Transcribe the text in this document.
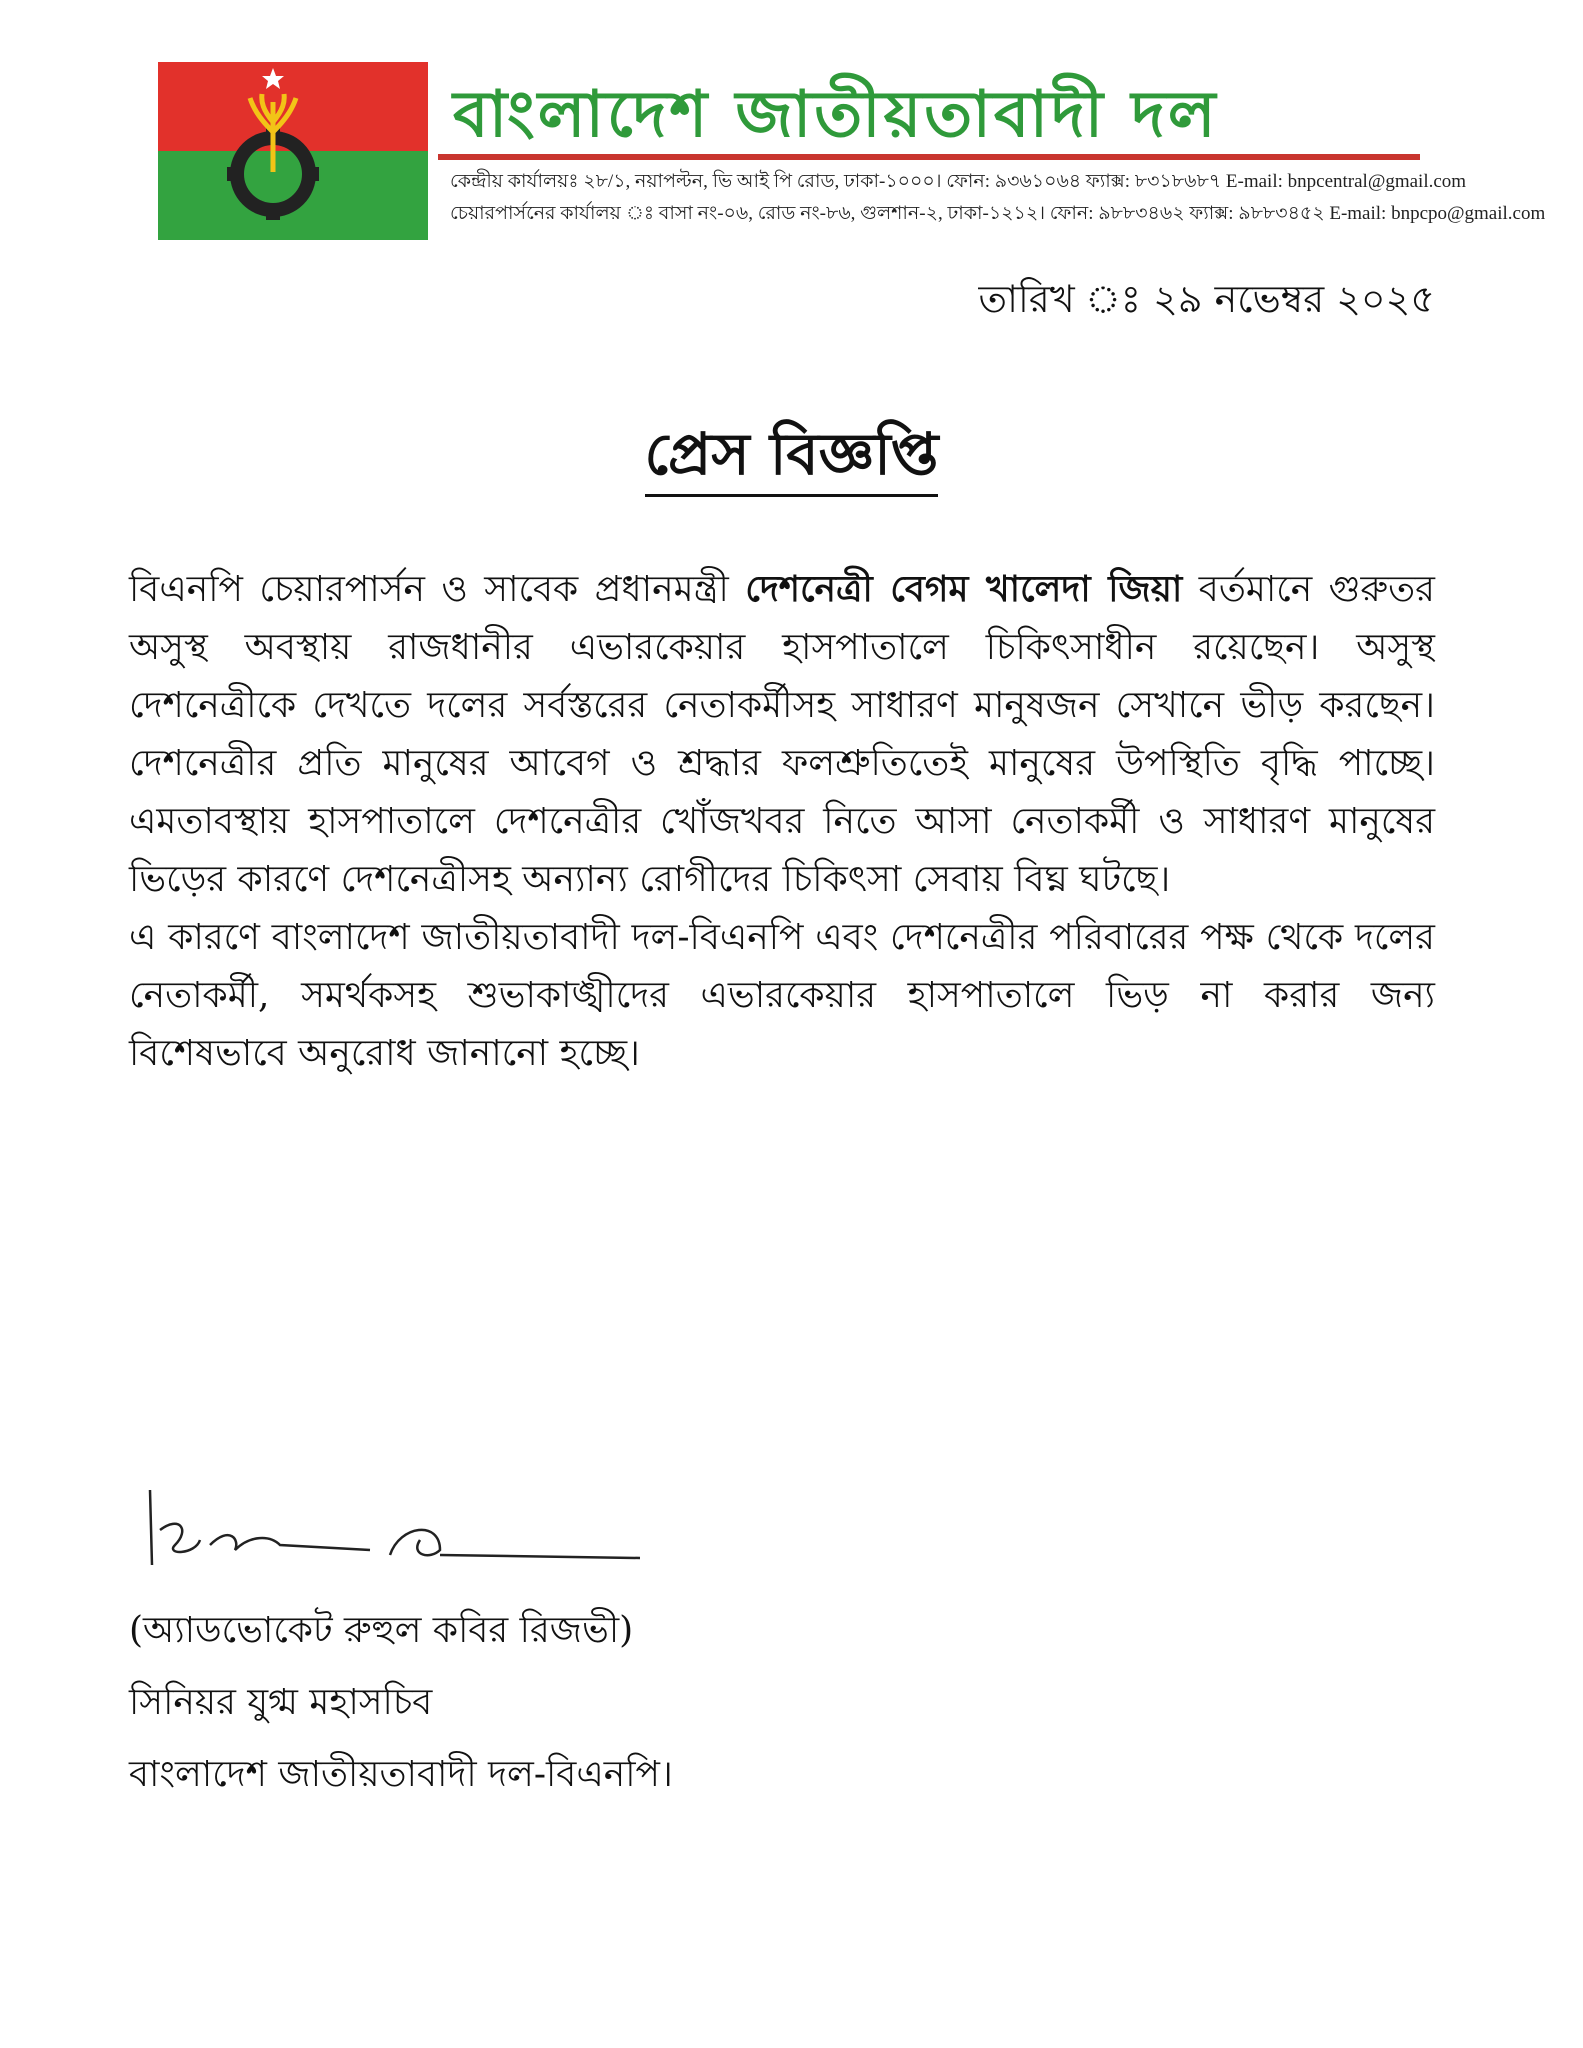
বাংলাদেশ জাতীয়তাবাদী দল
কেন্দ্রীয় কার্যালয়ঃ ২৮/১, নয়াপল্টন, ভি আই পি রোড, ঢাকা-১০০০। ফোন: ৯৩৬১০৬৪ ফ্যাক্স: ৮৩১৮৬৮৭ E-mail: bnpcentral@gmail.com
চেয়ারপার্সনের কার্যালয় ঃ বাসা নং-০৬, রোড নং-৮৬, গুলশান-২, ঢাকা-১২১২। ফোন: ৯৮৮৩৪৬২ ফ্যাক্স: ৯৮৮৩৪৫২ E-mail: bnpcpo@gmail.com
তারিখ ঃ ২৯ নভেম্বর ২০২৫
প্রেস বিজ্ঞপ্তি

বিএনপি চেয়ারপার্সন ও সাবেক প্রধানমন্ত্রী দেশনেত্রী বেগম খালেদা জিয়া বর্তমানে গুরুতর অসুস্থ অবস্থায় রাজধানীর এভারকেয়ার হাসপাতালে চিকিৎসাধীন রয়েছেন। অসুস্থ দেশনেত্রীকে দেখতে দলের সর্বস্তরের নেতাকর্মীসহ সাধারণ মানুষজন সেখানে ভীড় করছেন। দেশনেত্রীর প্রতি মানুষের আবেগ ও শ্রদ্ধার ফলশ্রুতিতেই মানুষের উপস্থিতি বৃদ্ধি পাচ্ছে। এমতাবস্থায় হাসপাতালে দেশনেত্রীর খোঁজখবর নিতে আসা নেতাকর্মী ও সাধারণ মানুষের ভিড়ের কারণে দেশনেত্রীসহ অন্যান্য রোগীদের চিকিৎসা সেবায় বিঘ্ন ঘটছে।

এ কারণে বাংলাদেশ জাতীয়তাবাদী দল-বিএনপি এবং দেশনেত্রীর পরিবারের পক্ষ থেকে দলের নেতাকর্মী, সমর্থকসহ শুভাকাঙ্খীদের এভারকেয়ার হাসপাতালে ভিড় না করার জন্য বিশেষভাবে অনুরোধ জানানো হচ্ছে।

(অ্যাডভোকেট রুহুল কবির রিজভী)
সিনিয়র যুগ্ম মহাসচিব
বাংলাদেশ জাতীয়তাবাদী দল-বিএনপি।
